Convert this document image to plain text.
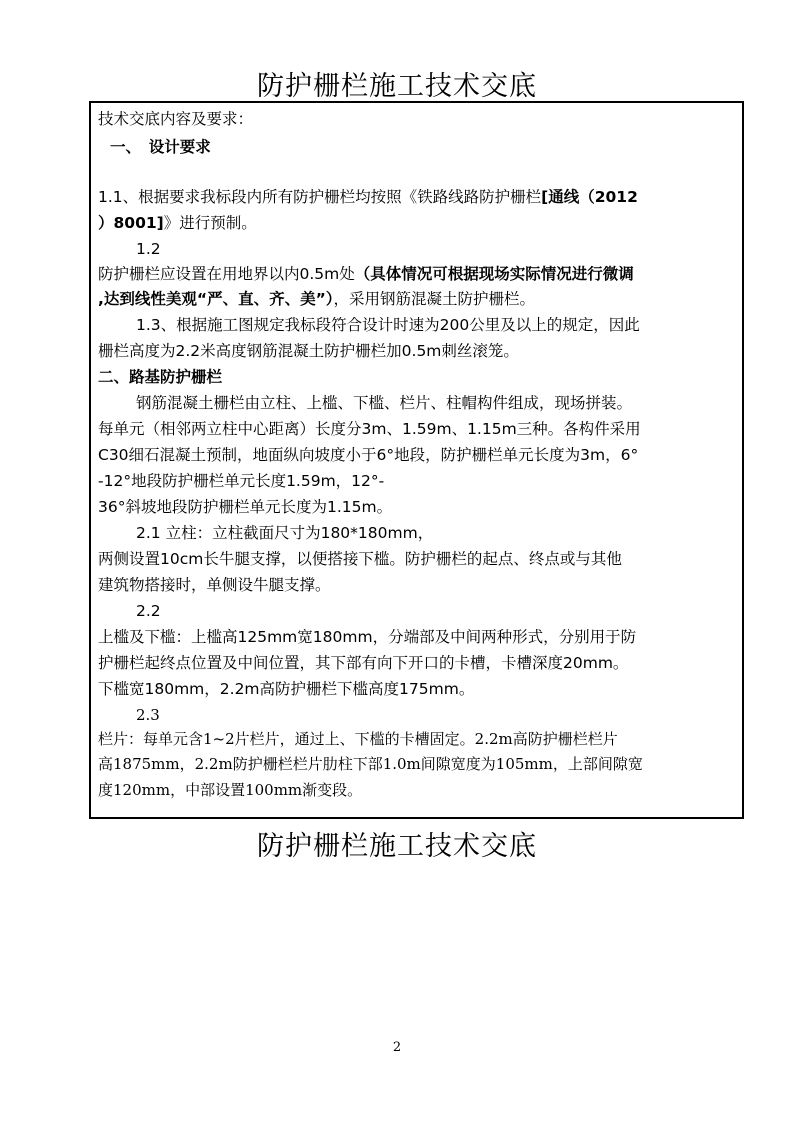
防护栅栏施工技术交底
技术交底内容及要求：
一、　设计要求
1.1、根据要求我标段内所有防护栅栏均按照《铁路线路防护栅栏[通线（2012
）8001]》进行预制。
1.2
防护栅栏应设置在用地界以内0.5m处（具体情况可根据现场实际情况进行微调
,达到线性美观“严、直、齐、美”），采用钢筋混凝土防护栅栏。
1.3、根据施工图规定我标段符合设计时速为200公里及以上的规定，因此
栅栏高度为2.2米高度钢筋混凝土防护栅栏加0.5m刺丝滚笼。
二、路基防护栅栏
钢筋混凝土栅栏由立柱、上槛、下槛、栏片、柱帽构件组成，现场拼装。
每单元（相邻两立柱中心距离）长度分3m、1.59m、1.15m三种。各构件采用
C30细石混凝土预制，地面纵向坡度小于6°地段，防护栅栏单元长度为3m，6°
-12°地段防护栅栏单元长度1.59m，12°-
36°斜坡地段防护栅栏单元长度为1.15m。
2.1 立柱：立柱截面尺寸为180*180mm，
两侧设置10cm长牛腿支撑，以便搭接下槛。防护栅栏的起点、终点或与其他
建筑物搭接时，单侧设牛腿支撑。
2.2
上槛及下槛：上槛高125mm宽180mm，分端部及中间两种形式，分别用于防
护栅栏起终点位置及中间位置，其下部有向下开口的卡槽，卡槽深度20mm。
下槛宽180mm，2.2m高防护栅栏下槛高度175mm。
2.3
栏片：每单元含1~2片栏片，通过上、下槛的卡槽固定。2.2m高防护栅栏栏片
高1875mm，2.2m防护栅栏栏片肋柱下部1.0m间隙宽度为105mm，上部间隙宽
度120mm，中部设置100mm渐变段。
防护栅栏施工技术交底
2
